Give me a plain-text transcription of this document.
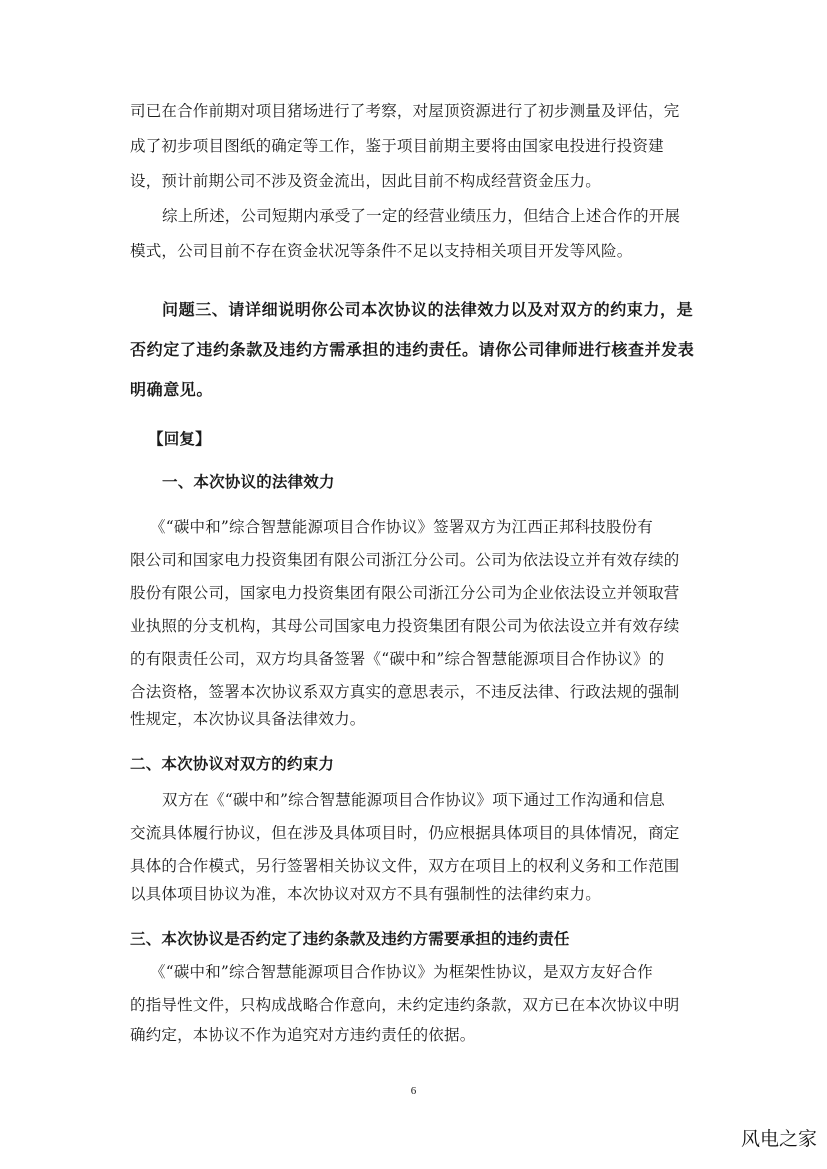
司已在合作前期对项目猪场进行了考察，对屋顶资源进行了初步测量及评估，完
成了初步项目图纸的确定等工作，鉴于项目前期主要将由国家电投进行投资建
设，预计前期公司不涉及资金流出，因此目前不构成经营资金压力。
综上所述，公司短期内承受了一定的经营业绩压力，但结合上述合作的开展
模式，公司目前不存在资金状况等条件不足以支持相关项目开发等风险。
问题三、请详细说明你公司本次协议的法律效力以及对双方的约束力，是
否约定了违约条款及违约方需承担的违约责任。请你公司律师进行核查并发表
明确意见。
【回复】
一、本次协议的法律效力
《“碳中和”综合智慧能源项目合作协议》签署双方为江西正邦科技股份有
限公司和国家电力投资集团有限公司浙江分公司。公司为依法设立并有效存续的
股份有限公司，国家电力投资集团有限公司浙江分公司为企业依法设立并领取营
业执照的分支机构，其母公司国家电力投资集团有限公司为依法设立并有效存续
的有限责任公司，双方均具备签署《“碳中和”综合智慧能源项目合作协议》的
合法资格，签署本次协议系双方真实的意思表示，不违反法律、行政法规的强制
性规定，本次协议具备法律效力。
二、本次协议对双方的约束力
双方在《“碳中和”综合智慧能源项目合作协议》项下通过工作沟通和信息
交流具体履行协议，但在涉及具体项目时，仍应根据具体项目的具体情况，商定
具体的合作模式，另行签署相关协议文件，双方在项目上的权利义务和工作范围
以具体项目协议为准，本次协议对双方不具有强制性的法律约束力。
三、本次协议是否约定了违约条款及违约方需要承担的违约责任
《“碳中和”综合智慧能源项目合作协议》为框架性协议，是双方友好合作
的指导性文件，只构成战略合作意向，未约定违约条款，双方已在本次协议中明
确约定，本协议不作为追究对方违约责任的依据。
6
风电之家
